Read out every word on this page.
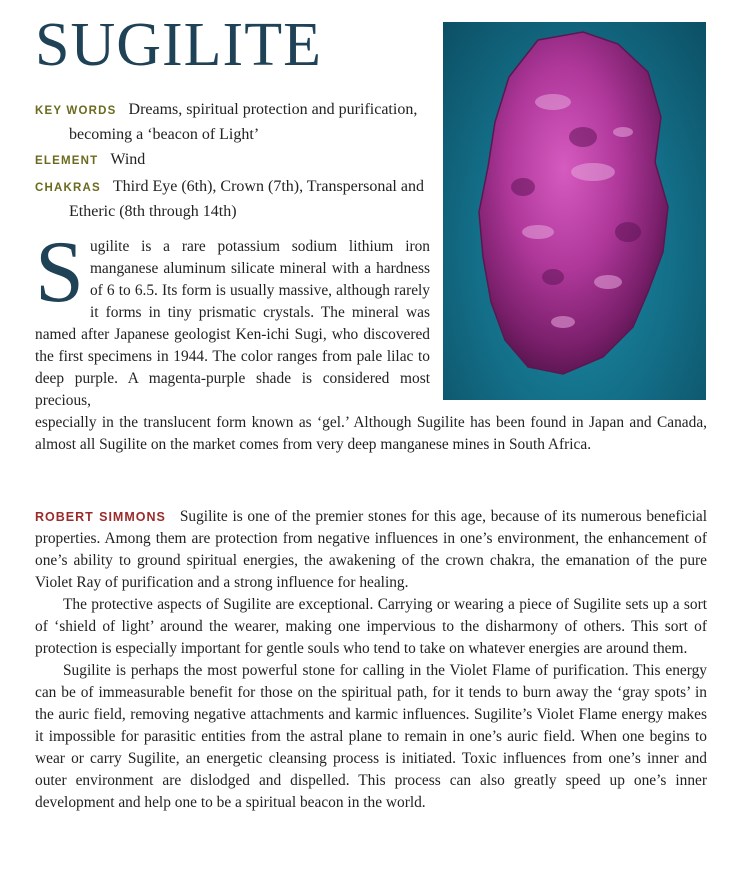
SUGILITE

KEY WORDS Dreams, spiritual protection and purification, becoming a ‘beacon of Light’

ELEMENT Wind

CHAKRAS Third Eye (6th), Crown (7th), Transpersonal and Etheric (8th through 14th)

S ugilite is a rare potassium sodium lithium iron manganese aluminum silicate mineral with a hardness of 6 to 6.5. Its form is usually massive, although rarely it forms in tiny prismatic crystals. The mineral was named after Japanese geologist Ken-ichi Sugi, who discovered the first specimens in 1944. The color ranges from pale lilac to deep purple. A magenta-purple shade is considered most precious,

especially in the translucent form known as ‘gel.’ Although Sugilite has been found in Japan and Canada, almost all Sugilite on the market comes from very deep manganese mines in South Africa.

ROBERT SIMMONS Sugilite is one of the premier stones for this age, because of its numerous beneficial properties. Among them are protection from negative influences in one’s environment, the enhancement of one’s ability to ground spiritual energies, the awakening of the crown chakra, the emanation of the pure Violet Ray of purification and a strong influence for healing.

The protective aspects of Sugilite are exceptional. Carrying or wearing a piece of Sugilite sets up a sort of ‘shield of light’ around the wearer, making one impervious to the disharmony of others. This sort of protection is especially important for gentle souls who tend to take on whatever energies are around them.

Sugilite is perhaps the most powerful stone for calling in the Violet Flame of purification. This energy can be of immeasurable benefit for those on the spiritual path, for it tends to burn away the ‘gray spots’ in the auric field, removing negative attachments and karmic influences. Sugilite’s Violet Flame energy makes it impossible for parasitic entities from the astral plane to remain in one’s auric field. When one begins to wear or carry Sugilite, an energetic cleansing process is initiated. Toxic influences from one’s inner and outer environment are dislodged and dispelled. This process can also greatly speed up one’s inner development and help one to be a spiritual beacon in the world.
